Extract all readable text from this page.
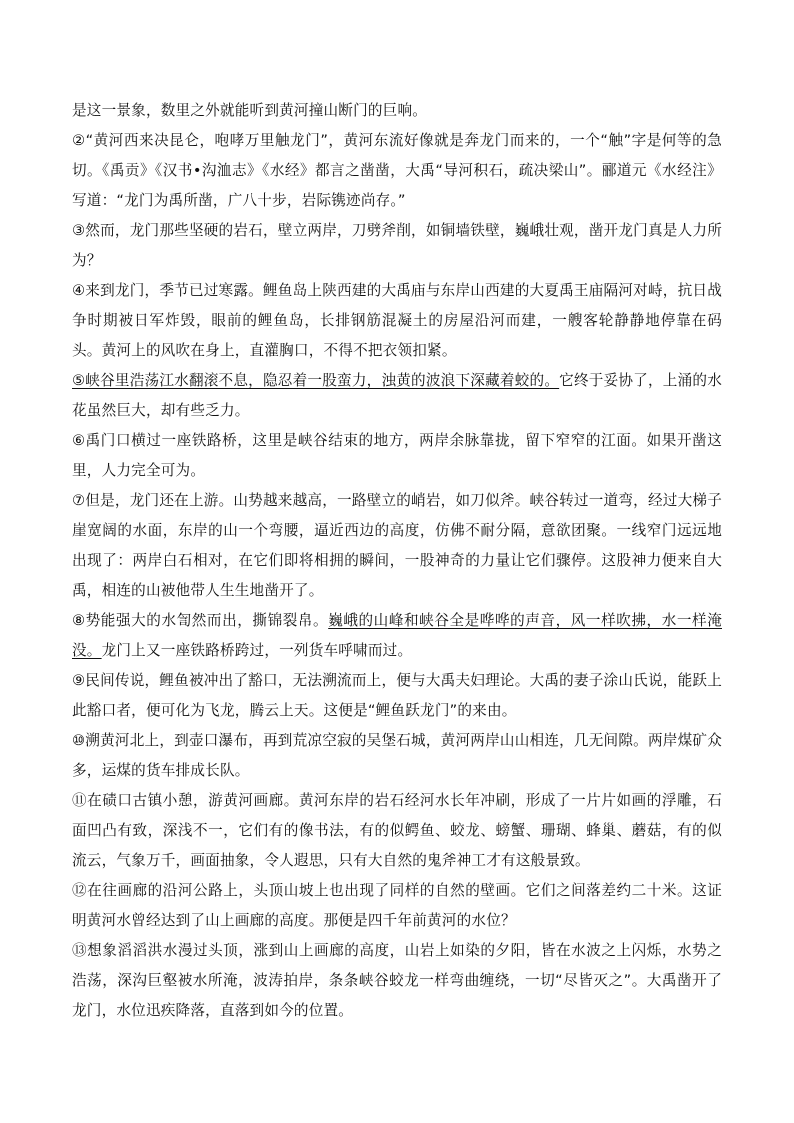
是这一景象，数里之外就能听到黄河撞山断门的巨响。

②“黄河西来决昆仑，咆哮万里触龙门”，黄河东流好像就是奔龙门而来的，一个“触”字是何等的急切。《禹贡》《汉书•沟洫志》《水经》都言之凿凿，大禹“导河积石，疏决梁山”。郦道元《水经注》写道：“龙门为禹所凿，广八十步，岩际镌迹尚存。”

③然而，龙门那些坚硬的岩石，壁立两岸，刀劈斧削，如铜墙铁壁，巍峨壮观，凿开龙门真是人力所为？

④来到龙门，季节已过寒露。鲤鱼岛上陕西建的大禹庙与东岸山西建的大夏禹王庙隔河对峙，抗日战争时期被日军炸毁，眼前的鲤鱼岛，长排钢筋混凝土的房屋沿河而建，一艘客轮静静地停靠在码头。黄河上的风吹在身上，直灌胸口，不得不把衣领扣紧。

⑤峡谷里浩荡江水翻滚不息，隐忍着一股蛮力，浊黄的波浪下深藏着蛟的。它终于妥协了，上涌的水花虽然巨大，却有些乏力。

⑥禹门口横过一座铁路桥，这里是峡谷结束的地方，两岸余脉靠拢，留下窄窄的江面。如果开凿这里，人力完全可为。

⑦但是，龙门还在上游。山势越来越高，一路壁立的峭岩，如刀似斧。峡谷转过一道弯，经过大梯子崖宽阔的水面，东岸的山一个弯腰，逼近西边的高度，仿佛不耐分隔，意欲团聚。一线窄门远远地出现了：两岸白石相对，在它们即将相拥的瞬间，一股神奇的力量让它们骤停。这股神力便来自大禹，相连的山被他带人生生地凿开了。

⑧势能强大的水訇然而出，撕锦裂帛。巍峨的山峰和峡谷全是哗哗的声音，风一样吹拂，水一样淹没。龙门上又一座铁路桥跨过，一列货车呼啸而过。

⑨民间传说，鲤鱼被冲出了豁口，无法溯流而上，便与大禹夫妇理论。大禹的妻子涂山氏说，能跃上此豁口者，便可化为飞龙，腾云上天。这便是“鲤鱼跃龙门”的来由。

⑩溯黄河北上，到壶口瀑布，再到荒凉空寂的吴堡石城，黄河两岸山山相连，几无间隙。两岸煤矿众多，运煤的货车排成长队。

⑪在碛口古镇小憩，游黄河画廊。黄河东岸的岩石经河水长年冲刷，形成了一片片如画的浮雕，石面凹凸有致，深浅不一，它们有的像书法，有的似鳄鱼、蛟龙、螃蟹、珊瑚、蜂巢、蘑菇，有的似流云，气象万千，画面抽象，令人遐思，只有大自然的鬼斧神工才有这般景致。

⑫在往画廊的沿河公路上，头顶山坡上也出现了同样的自然的壁画。它们之间落差约二十米。这证明黄河水曾经达到了山上画廊的高度。那便是四千年前黄河的水位？

⑬想象滔滔洪水漫过头顶，涨到山上画廊的高度，山岩上如染的夕阳，皆在水波之上闪烁，水势之浩荡，深沟巨壑被水所淹，波涛拍岸，条条峡谷蛟龙一样弯曲缠绕，一切“尽皆灭之”。大禹凿开了龙门，水位迅疾降落，直落到如今的位置。
